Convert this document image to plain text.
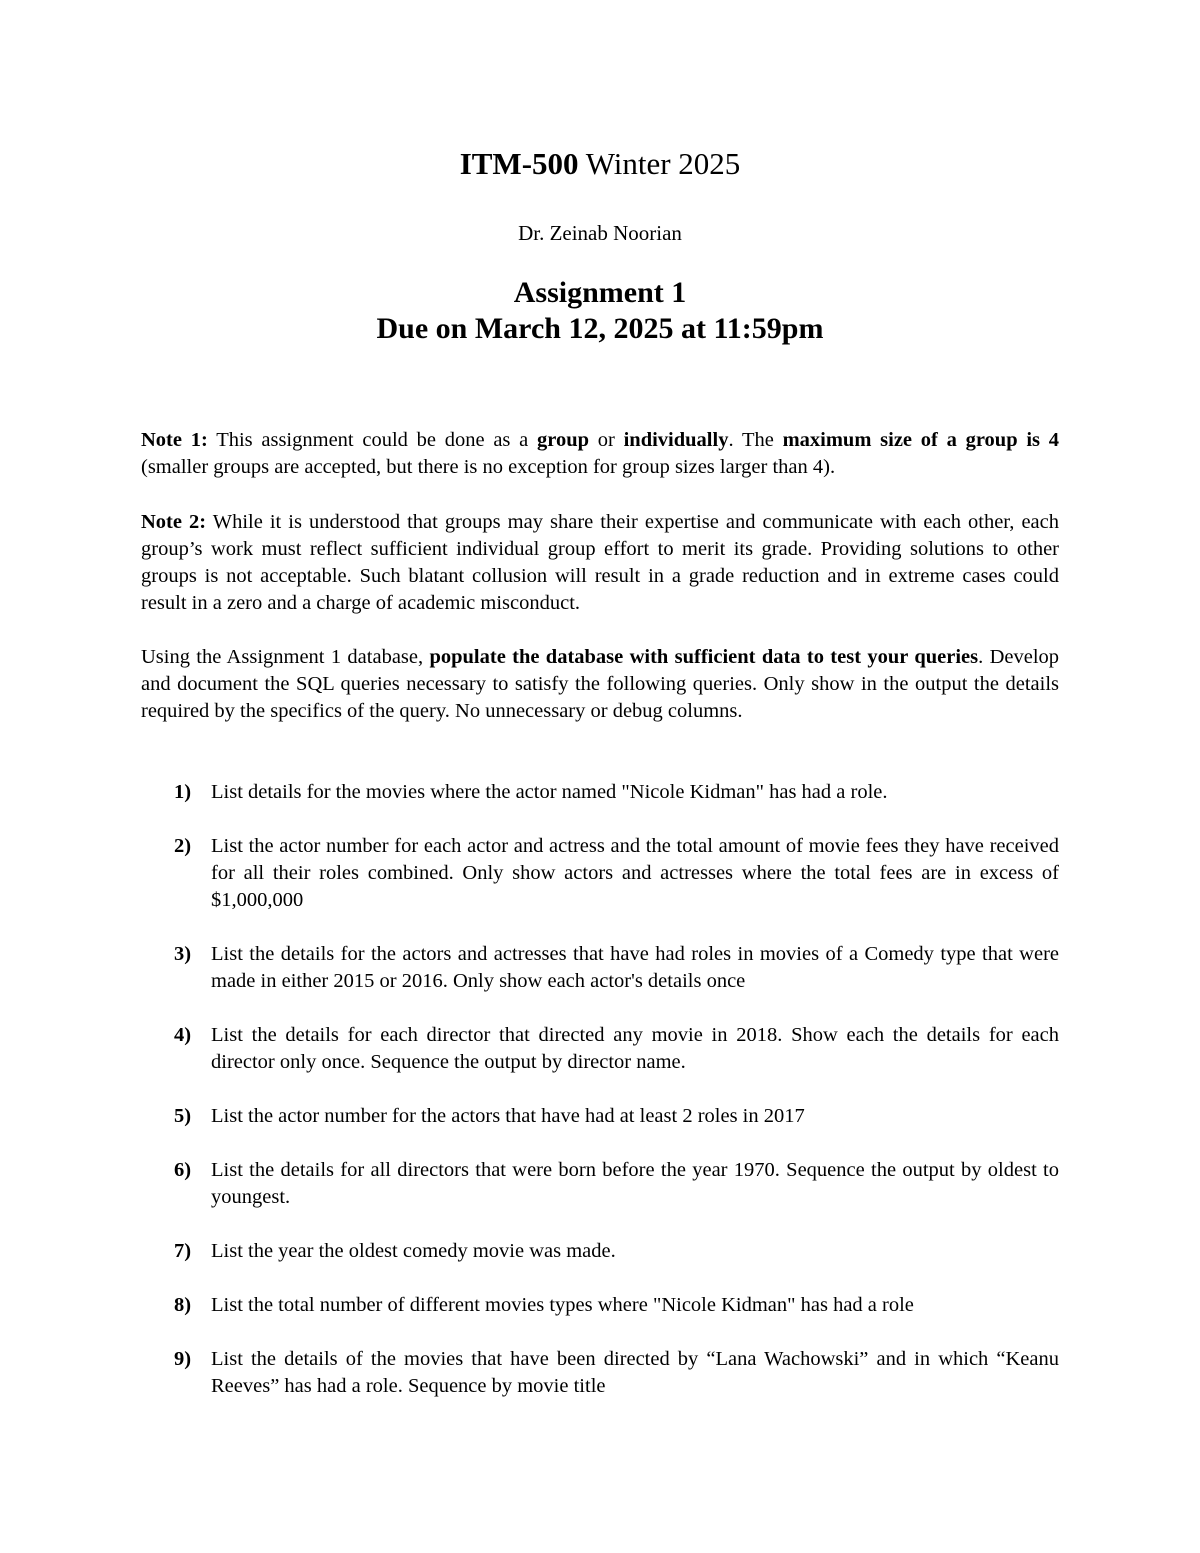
ITM-500 Winter 2025
Dr. Zeinab Noorian
Assignment 1
Due on March 12, 2025 at 11:59pm

Note 1: This assignment could be done as a group or individually. The maximum size of a group is 4 (smaller groups are accepted, but there is no exception for group sizes larger than 4).

Note 2: While it is understood that groups may share their expertise and communicate with each other, each group’s work must reflect sufficient individual group effort to merit its grade. Providing solutions to other groups is not acceptable. Such blatant collusion will result in a grade reduction and in extreme cases could result in a zero and a charge of academic misconduct.

Using the Assignment 1 database, populate the database with sufficient data to test your queries. Develop and document the SQL queries necessary to satisfy the following queries. Only show in the output the details required by the specifics of the query. No unnecessary or debug columns.

1) List details for the movies where the actor named "Nicole Kidman" has had a role.
2) List the actor number for each actor and actress and the total amount of movie fees they have received for all their roles combined. Only show actors and actresses where the total fees are in excess of $1,000,000
3) List the details for the actors and actresses that have had roles in movies of a Comedy type that were made in either 2015 or 2016. Only show each actor's details once
4) List the details for each director that directed any movie in 2018. Show each the details for each director only once. Sequence the output by director name.
5) List the actor number for the actors that have had at least 2 roles in 2017
6) List the details for all directors that were born before the year 1970. Sequence the output by oldest to youngest.
7) List the year the oldest comedy movie was made.
8) List the total number of different movies types where "Nicole Kidman" has had a role
9) List the details of the movies that have been directed by “Lana Wachowski” and in which “Keanu Reeves” has had a role. Sequence by movie title
